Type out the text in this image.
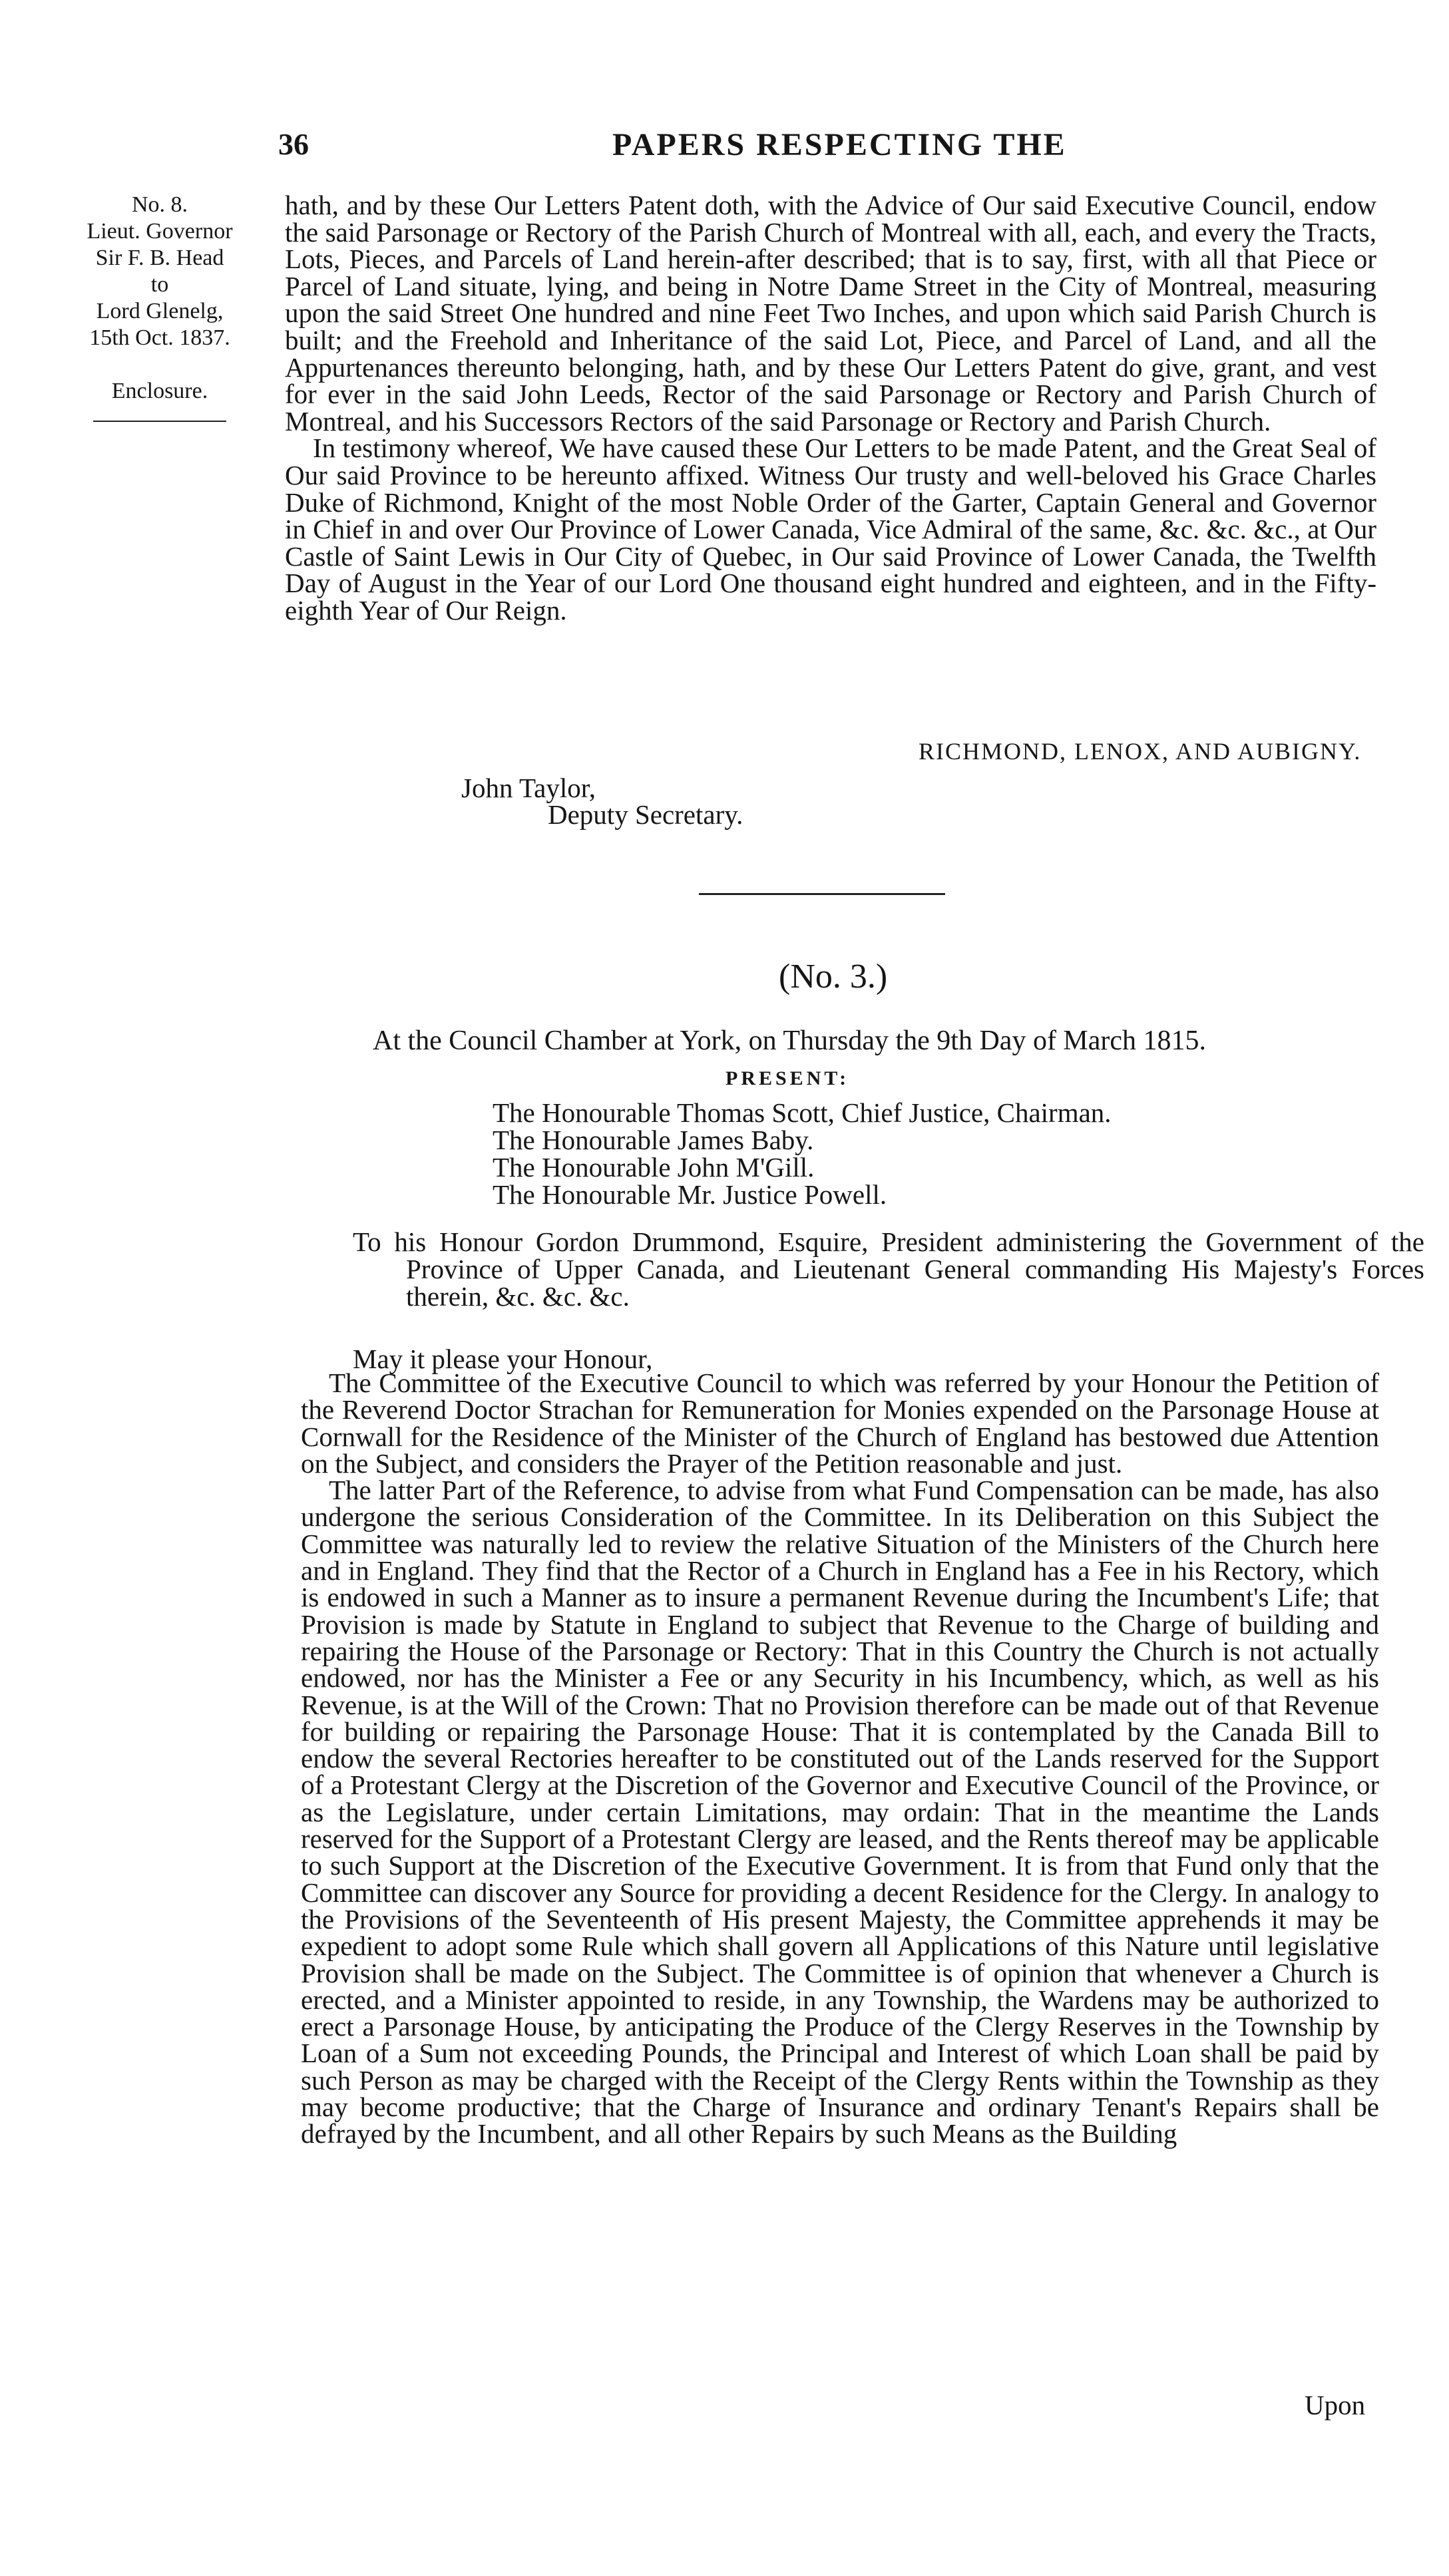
36	PAPERS RESPECTING THE
No. 8.
Lieut. Governor
Sir F. B. Head
to
Lord Glenelg,
15th Oct. 1837.
Enclosure.

hath, and by these Our Letters Patent doth, with the Advice of Our said Executive Council, endow the said Parsonage or Rectory of the Parish Church of Montreal with all, each, and every the Tracts, Lots, Pieces, and Parcels of Land herein-after described; that is to say, first, with all that Piece or Parcel of Land situate, lying, and being in Notre Dame Street in the City of Montreal, measuring upon the said Street One hundred and nine Feet Two Inches, and upon which said Parish Church is built; and the Freehold and Inheritance of the said Lot, Piece, and Parcel of Land, and all the Appurtenances thereunto belonging, hath, and by these Our Letters Patent do give, grant, and vest for ever in the said John Leeds, Rector of the said Parsonage or Rectory and Parish Church of Montreal, and his Successors Rectors of the said Parsonage or Rectory and Parish Church.

In testimony whereof, We have caused these Our Letters to be made Patent, and the Great Seal of Our said Province to be hereunto affixed. Witness Our trusty and well-beloved his Grace Charles Duke of Richmond, Knight of the most Noble Order of the Garter, Captain General and Governor in Chief in and over Our Province of Lower Canada, Vice Admiral of the same, &c. &c. &c., at Our Castle of Saint Lewis in Our City of Quebec, in Our said Province of Lower Canada, the Twelfth Day of August in the Year of our Lord One thousand eight hundred and eighteen, and in the Fifty-eighth Year of Our Reign.

RICHMOND, LENOX, AND AUBIGNY.
John Taylor,
Deputy Secretary.
(No. 3.)
At the Council Chamber at York, on Thursday the 9th Day of March 1815.
PRESENT:
The Honourable Thomas Scott, Chief Justice, Chairman.
The Honourable James Baby.
The Honourable John M'Gill.
The Honourable Mr. Justice Powell.
To his Honour Gordon Drummond, Esquire, President administering the Government of the Province of Upper Canada, and Lieutenant General commanding His Majesty's Forces therein, &c. &c. &c.
May it please your Honour,

The Committee of the Executive Council to which was referred by your Honour the Petition of the Reverend Doctor Strachan for Remuneration for Monies expended on the Parsonage House at Cornwall for the Residence of the Minister of the Church of England has bestowed due Attention on the Subject, and considers the Prayer of the Petition reasonable and just.

The latter Part of the Reference, to advise from what Fund Compensation can be made, has also undergone the serious Consideration of the Committee. In its Deliberation on this Subject the Committee was naturally led to review the relative Situation of the Ministers of the Church here and in England. They find that the Rector of a Church in England has a Fee in his Rectory, which is endowed in such a Manner as to insure a permanent Revenue during the Incumbent's Life; that Provision is made by Statute in England to subject that Revenue to the Charge of building and repairing the House of the Parsonage or Rectory: That in this Country the Church is not actually endowed, nor has the Minister a Fee or any Security in his Incumbency, which, as well as his Revenue, is at the Will of the Crown: That no Provision therefore can be made out of that Revenue for building or repairing the Parsonage House: That it is contemplated by the Canada Bill to endow the several Rectories hereafter to be constituted out of the Lands reserved for the Support of a Protestant Clergy at the Discretion of the Governor and Executive Council of the Province, or as the Legislature, under certain Limitations, may ordain: That in the meantime the Lands reserved for the Support of a Protestant Clergy are leased, and the Rents thereof may be applicable to such Support at the Discretion of the Executive Government. It is from that Fund only that the Committee can discover any Source for providing a decent Residence for the Clergy. In analogy to the Provisions of the Seventeenth of His present Majesty, the Committee apprehends it may be expedient to adopt some Rule which shall govern all Applications of this Nature until legislative Provision shall be made on the Subject. The Committee is of opinion that whenever a Church is erected, and a Minister appointed to reside, in any Township, the Wardens may be authorized to erect a Parsonage House, by anticipating the Produce of the Clergy Reserves in the Township by Loan of a Sum not exceeding Pounds, the Principal and Interest of which Loan shall be paid by such Person as may be charged with the Receipt of the Clergy Rents within the Township as they may become productive; that the Charge of Insurance and ordinary Tenant's Repairs shall be defrayed by the Incumbent, and all other Repairs by such Means as the Building

Upon
